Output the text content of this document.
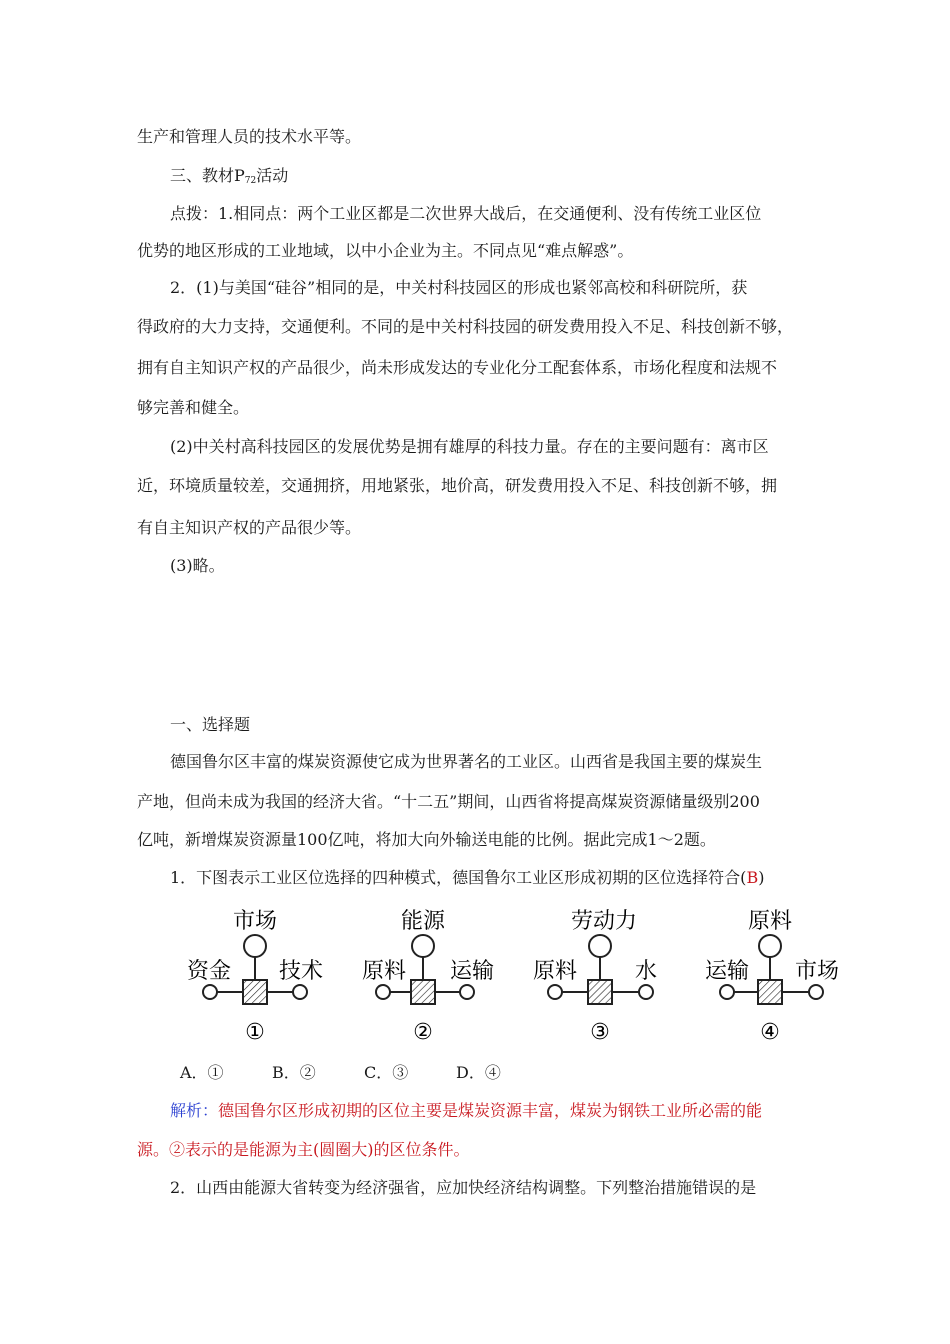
生产和管理人员的技术水平等。
三、教材$P_{72}$活动
点拨：1.相同点：两个工业区都是二次世界大战后，在交通便利、没有传统工业区位
优势的地区形成的工业地域，以中小企业为主。不同点见“难点解惑”。
2．(1)与美国“硅谷”相同的是，中关村科技园区的形成也紧邻高校和科研院所，获
得政府的大力支持，交通便利。不同的是中关村科技园的研发费用投入不足、科技创新不够，
拥有自主知识产权的产品很少，尚未形成发达的专业化分工配套体系，市场化程度和法规不
够完善和健全。
(2)中关村高科技园区的发展优势是拥有雄厚的科技力量。存在的主要问题有：离市区
近，环境质量较差，交通拥挤，用地紧张，地价高，研发费用投入不足、科技创新不够，拥
有自主知识产权的产品很少等。
(3)略。
一、选择题
德国鲁尔区丰富的煤炭资源使它成为世界著名的工业区。山西省是我国主要的煤炭生
产地，但尚未成为我国的经济大省。“十二五”期间，山西省将提高煤炭资源储量级别200
亿吨，新增煤炭资源量100亿吨，将加大向外输送电能的比例。据此完成1～2题。
1．下图表示工业区位选择的四种模式，德国鲁尔工业区形成初期的区位选择符合(B)
市场
资金 技术
①
能源
原料 运输
②
劳动力
原料	水
③
原料
运输 市场
④
A．①	B．②	C．③	D．④
解析：德国鲁尔区形成初期的区位主要是煤炭资源丰富，煤炭为钢铁工业所必需的能
源。②表示的是能源为主(圆圈大)的区位条件。
2．山西由能源大省转变为经济强省，应加快经济结构调整。下列整治措施错误的是
